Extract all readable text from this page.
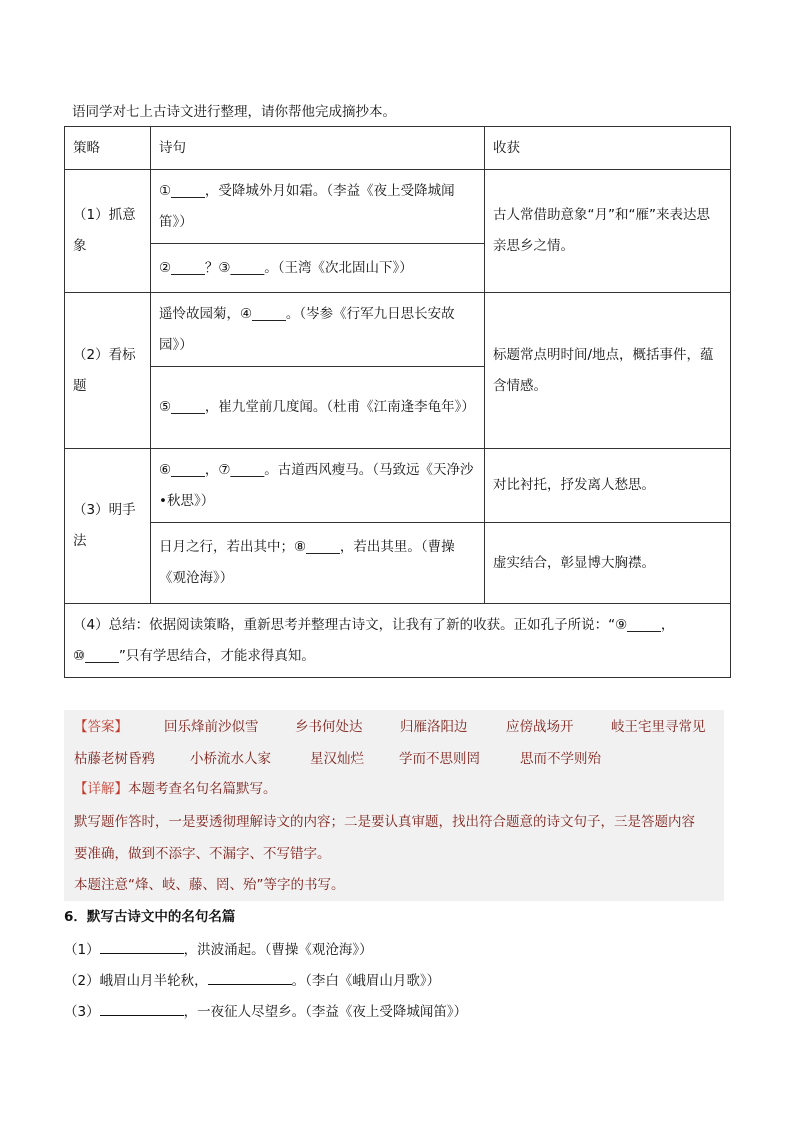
语同学对七上古诗文进行整理，请你帮他完成摘抄本。
策略	诗句	收获
（1）抓意象	①_____，受降城外月如霜。（李益《夜上受降城闻笛》）	古人常借助意象“月”和“雁”来表达思亲思乡之情。
	②_____？③_____。（王湾《次北固山下》）	
（2）看标题	遥怜故园菊，④_____。（岑参《行军九日思长安故园》）	标题常点明时间/地点，概括事件，蕴含情感。
	⑤_____，崔九堂前几度闻。（杜甫《江南逢李龟年》）	
（3）明手法	⑥_____，⑦_____。古道西风瘦马。（马致远《天净沙•秋思》）	对比衬托，抒发离人愁思。
	日月之行，若出其中；⑧_____，若出其里。（曹操《观沧海》）	虚实结合，彰显博大胸襟。
（4）总结：依据阅读策略，重新思考并整理古诗文，让我有了新的收获。正如孔子所说：“⑨_____，⑩_____”只有学思结合，才能求得真知。		
【答案】	回乐烽前沙似雪	乡书何处达	归雁洛阳边	应傍战场开	岐王宅里寻常见
枯藤老树昏鸦	小桥流水人家	星汉灿烂	学而不思则罔	思而不学则殆
【详解】本题考查名句名篇默写。
默写题作答时，一是要透彻理解诗文的内容；二是要认真审题，找出符合题意的诗文句子，三是答题内容
要准确，做到不添字、不漏字、不写错字。
本题注意“烽、岐、藤、罔、殆”等字的书写。
6．默写古诗文中的名句名篇
（1）	，洪波涌起。（曹操《观沧海》）
（2）峨眉山月半轮秋，	。（李白《峨眉山月歌》）
（3）	，一夜征人尽望乡。（李益《夜上受降城闻笛》）
